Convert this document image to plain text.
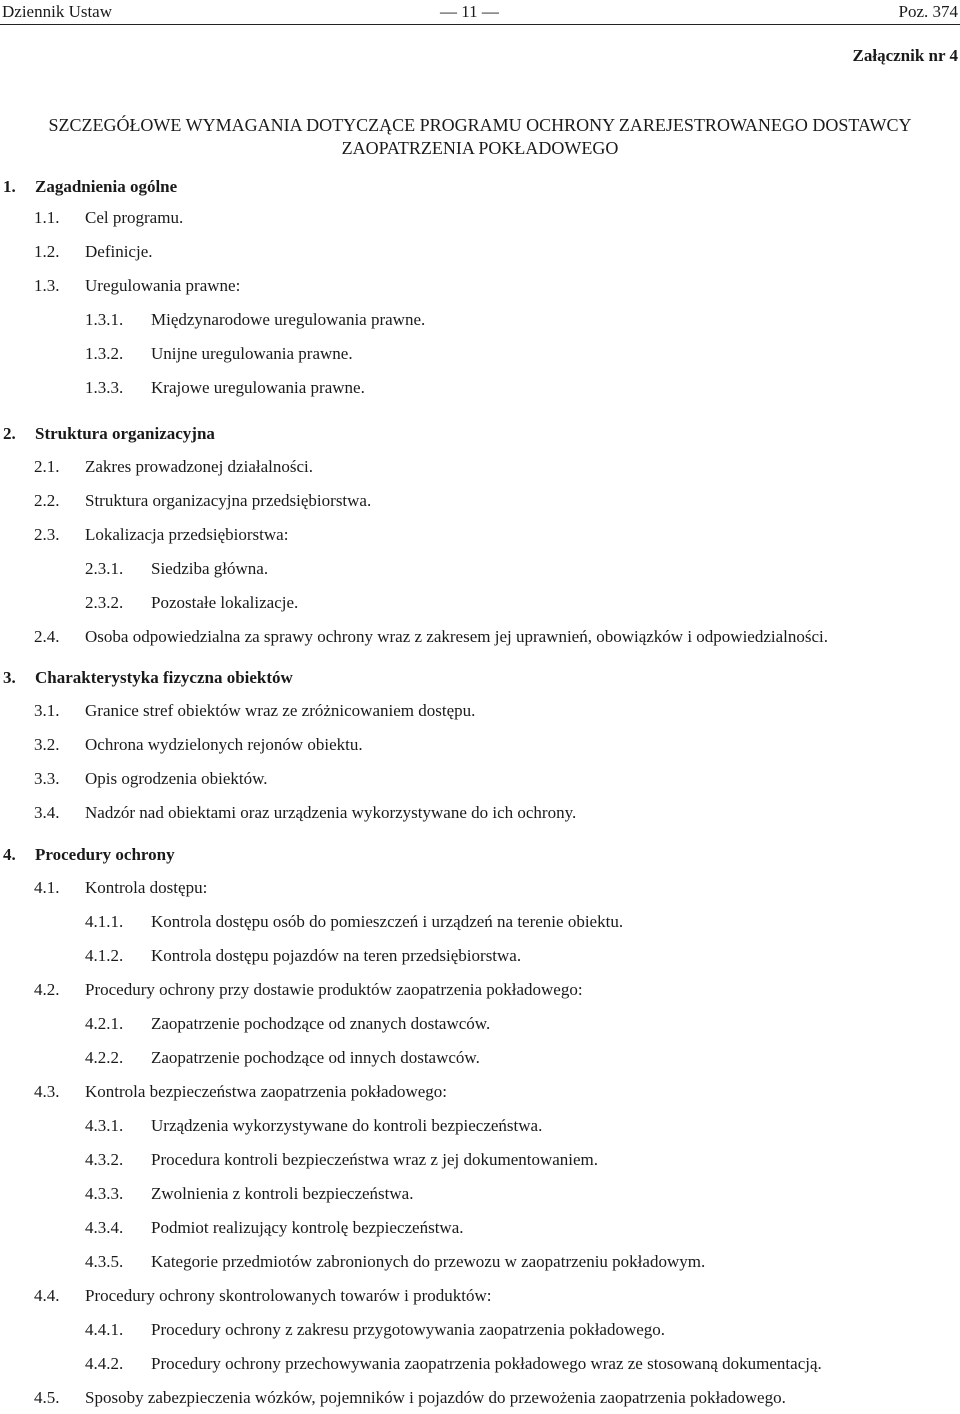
Dziennik Ustaw	— 11 —	Poz. 374
Załącznik nr 4
SZCZEGÓŁOWE WYMAGANIA DOTYCZĄCE PROGRAMU OCHRONY ZAREJESTROWANEGO DOSTAWCY
ZAOPATRZENIA POKŁADOWEGO
1. Zagadnienia ogólne
1.1. Cel programu.
1.2. Definicje.
1.3. Uregulowania prawne:
1.3.1. Międzynarodowe uregulowania prawne.
1.3.2. Unijne uregulowania prawne.
1.3.3. Krajowe uregulowania prawne.
2. Struktura organizacyjna
2.1. Zakres prowadzonej działalności.
2.2. Struktura organizacyjna przedsiębiorstwa.
2.3. Lokalizacja przedsiębiorstwa:
2.3.1. Siedziba główna.
2.3.2. Pozostałe lokalizacje.
2.4. Osoba odpowiedzialna za sprawy ochrony wraz z zakresem jej uprawnień, obowiązków i odpowiedzialności.
3. Charakterystyka fizyczna obiektów
3.1. Granice stref obiektów wraz ze zróżnicowaniem dostępu.
3.2. Ochrona wydzielonych rejonów obiektu.
3.3. Opis ogrodzenia obiektów.
3.4. Nadzór nad obiektami oraz urządzenia wykorzystywane do ich ochrony.
4. Procedury ochrony
4.1. Kontrola dostępu:
4.1.1. Kontrola dostępu osób do pomieszczeń i urządzeń na terenie obiektu.
4.1.2. Kontrola dostępu pojazdów na teren przedsiębiorstwa.
4.2. Procedury ochrony przy dostawie produktów zaopatrzenia pokładowego:
4.2.1. Zaopatrzenie pochodzące od znanych dostawców.
4.2.2. Zaopatrzenie pochodzące od innych dostawców.
4.3. Kontrola bezpieczeństwa zaopatrzenia pokładowego:
4.3.1. Urządzenia wykorzystywane do kontroli bezpieczeństwa.
4.3.2. Procedura kontroli bezpieczeństwa wraz z jej dokumentowaniem.
4.3.3. Zwolnienia z kontroli bezpieczeństwa.
4.3.4. Podmiot realizujący kontrolę bezpieczeństwa.
4.3.5. Kategorie przedmiotów zabronionych do przewozu w zaopatrzeniu pokładowym.
4.4. Procedury ochrony skontrolowanych towarów i produktów:
4.4.1. Procedury ochrony z zakresu przygotowywania zaopatrzenia pokładowego.
4.4.2. Procedury ochrony przechowywania zaopatrzenia pokładowego wraz ze stosowaną dokumentacją.
4.5. Sposoby zabezpieczenia wózków, pojemników i pojazdów do przewożenia zaopatrzenia pokładowego.
